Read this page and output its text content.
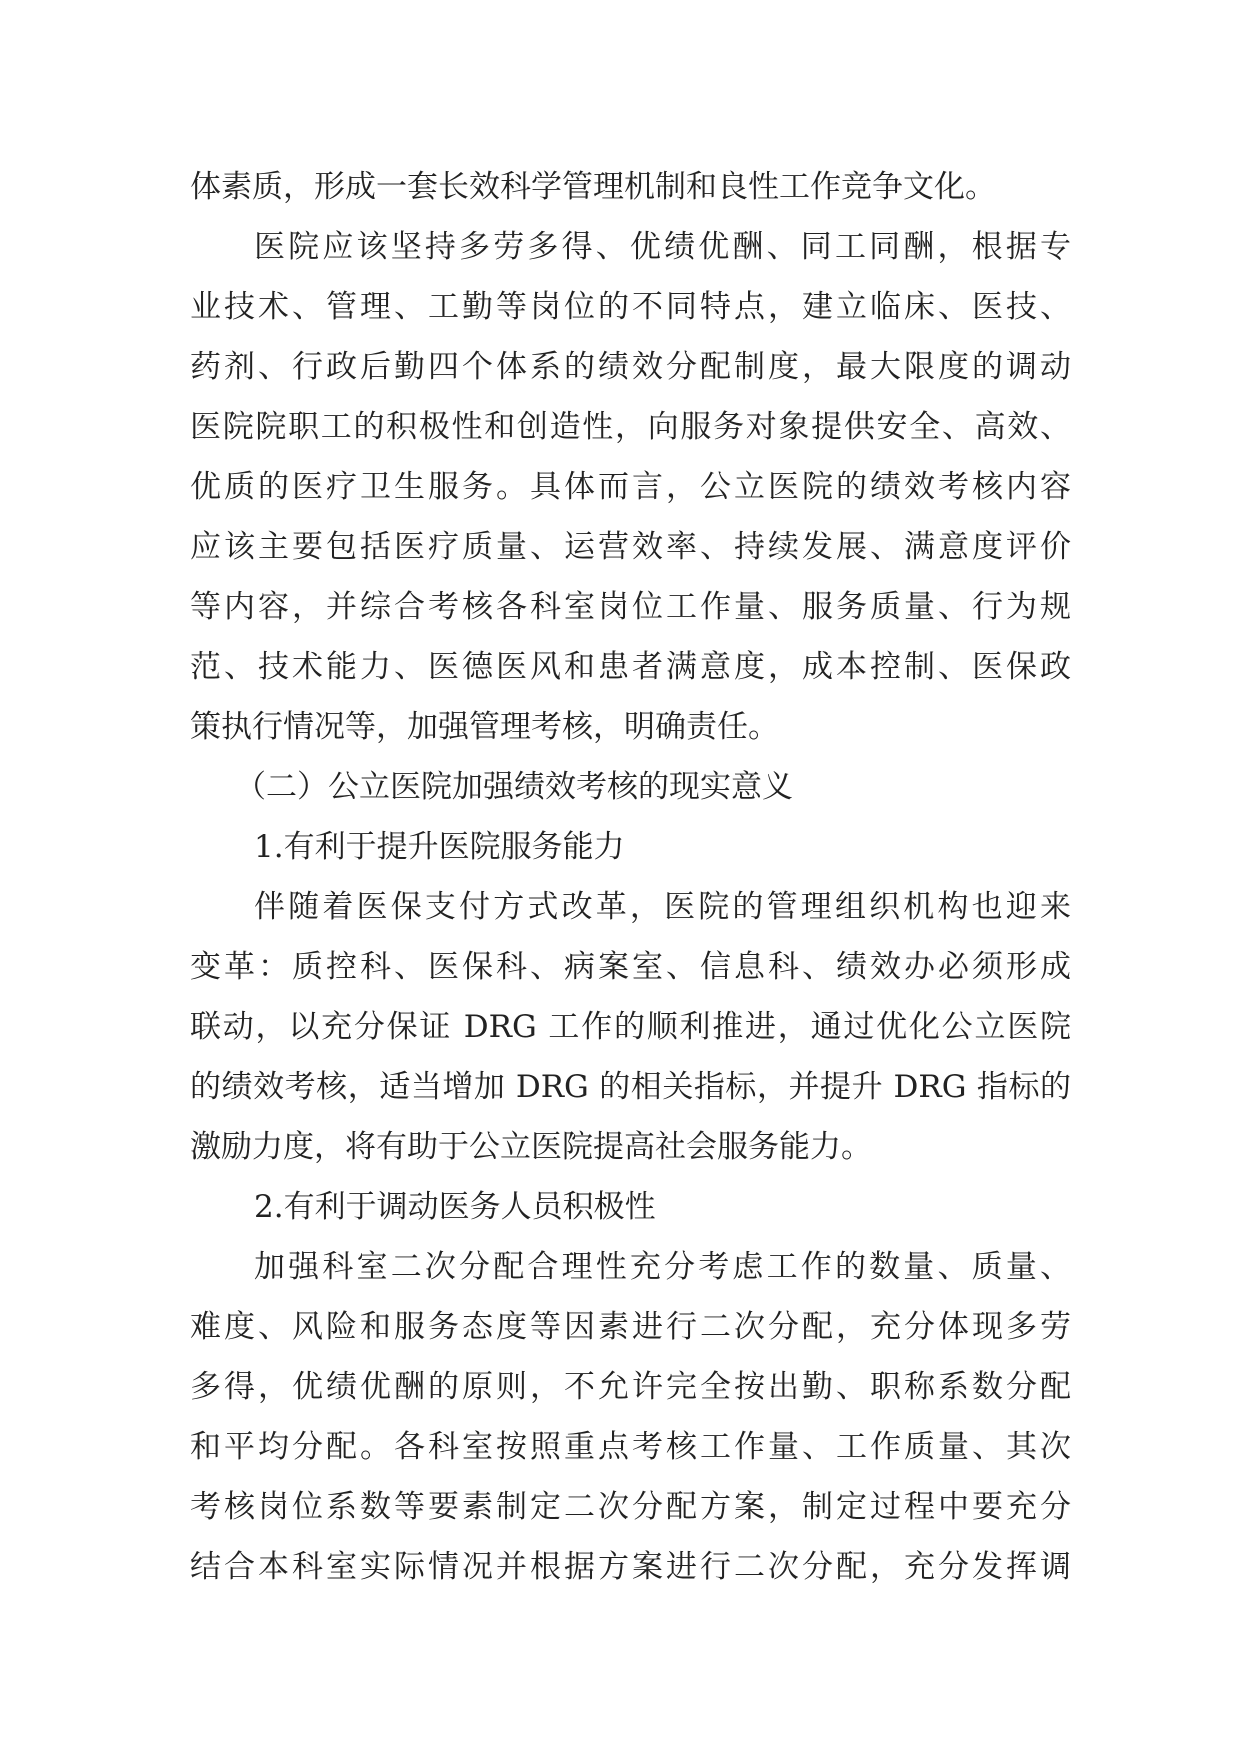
体素质，形成一套长效科学管理机制和良性工作竞争文化。
医院应该坚持多劳多得、优绩优酬、同工同酬，根据专
业技术、管理、工勤等岗位的不同特点，建立临床、医技、
药剂、行政后勤四个体系的绩效分配制度，最大限度的调动
医院院职工的积极性和创造性，向服务对象提供安全、高效、
优质的医疗卫生服务。具体而言，公立医院的绩效考核内容
应该主要包括医疗质量、运营效率、持续发展、满意度评价
等内容，并综合考核各科室岗位工作量、服务质量、行为规
范、技术能力、医德医风和患者满意度，成本控制、医保政
策执行情况等，加强管理考核，明确责任。
（二）公立医院加强绩效考核的现实意义
1.有利于提升医院服务能力
伴随着医保支付方式改革，医院的管理组织机构也迎来
变革：质控科、医保科、病案室、信息科、绩效办必须形成
联动，以充分保证 DRG 工作的顺利推进，通过优化公立医院
的绩效考核，适当增加 DRG 的相关指标，并提升 DRG 指标的
激励力度，将有助于公立医院提高社会服务能力。
2.有利于调动医务人员积极性
加强科室二次分配合理性充分考虑工作的数量、质量、
难度、风险和服务态度等因素进行二次分配，充分体现多劳
多得，优绩优酬的原则，不允许完全按出勤、职称系数分配
和平均分配。各科室按照重点考核工作量、工作质量、其次
考核岗位系数等要素制定二次分配方案，制定过程中要充分
结合本科室实际情况并根据方案进行二次分配，充分发挥调
